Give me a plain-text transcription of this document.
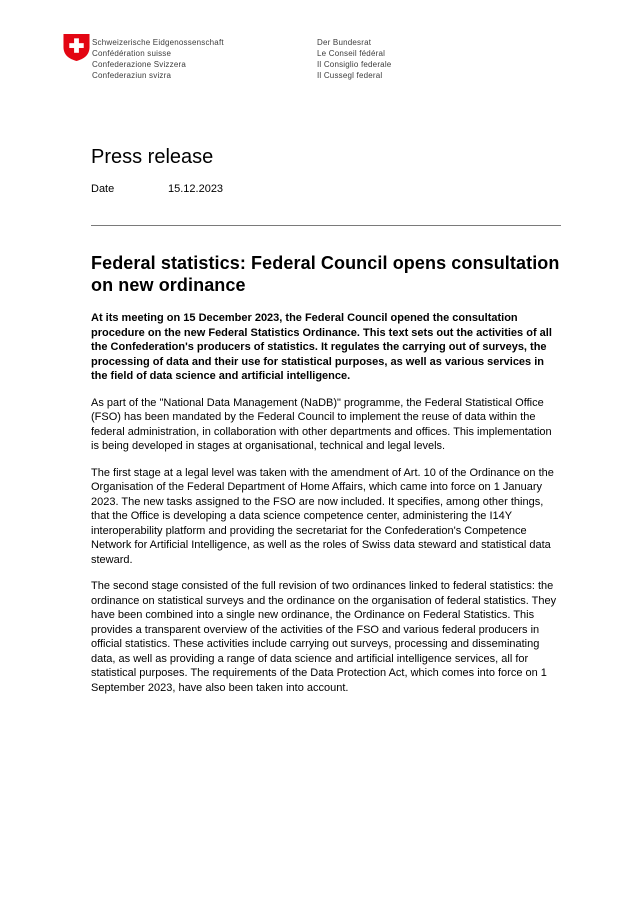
Schweizerische Eidgenossenschaft
Confédération suisse
Confederazione Svizzera
Confederaziun svizra
Der Bundesrat
Le Conseil fédéral
Il Consiglio federale
Il Cussegl federal
Press release
Date	15.12.2023
Federal statistics: Federal Council opens consultation on new ordinance

At its meeting on 15 December 2023, the Federal Council opened the consultation procedure on the new Federal Statistics Ordinance. This text sets out the activities of all the Confederation's producers of statistics. It regulates the carrying out of surveys, the processing of data and their use for statistical purposes, as well as various services in the field of data science and artificial intelligence.

As part of the "National Data Management (NaDB)" programme, the Federal Statistical Office (FSO) has been mandated by the Federal Council to implement the reuse of data within the federal administration, in collaboration with other departments and offices. This implementation is being developed in stages at organisational, technical and legal levels.

The first stage at a legal level was taken with the amendment of Art. 10 of the Ordinance on the Organisation of the Federal Department of Home Affairs, which came into force on 1 January 2023. The new tasks assigned to the FSO are now included. It specifies, among other things, that the Office is developing a data science competence center, administering the I14Y interoperability platform and providing the secretariat for the Confederation's Competence Network for Artificial Intelligence, as well as the roles of Swiss data steward and statistical data steward.

The second stage consisted of the full revision of two ordinances linked to federal statistics: the ordinance on statistical surveys and the ordinance on the organisation of federal statistics. They have been combined into a single new ordinance, the Ordinance on Federal Statistics. This provides a transparent overview of the activities of the FSO and various federal producers in official statistics. These activities include carrying out surveys, processing and disseminating data, as well as providing a range of data science and artificial intelligence services, all for statistical purposes. The requirements of the Data Protection Act, which comes into force on 1 September 2023, have also been taken into account.
